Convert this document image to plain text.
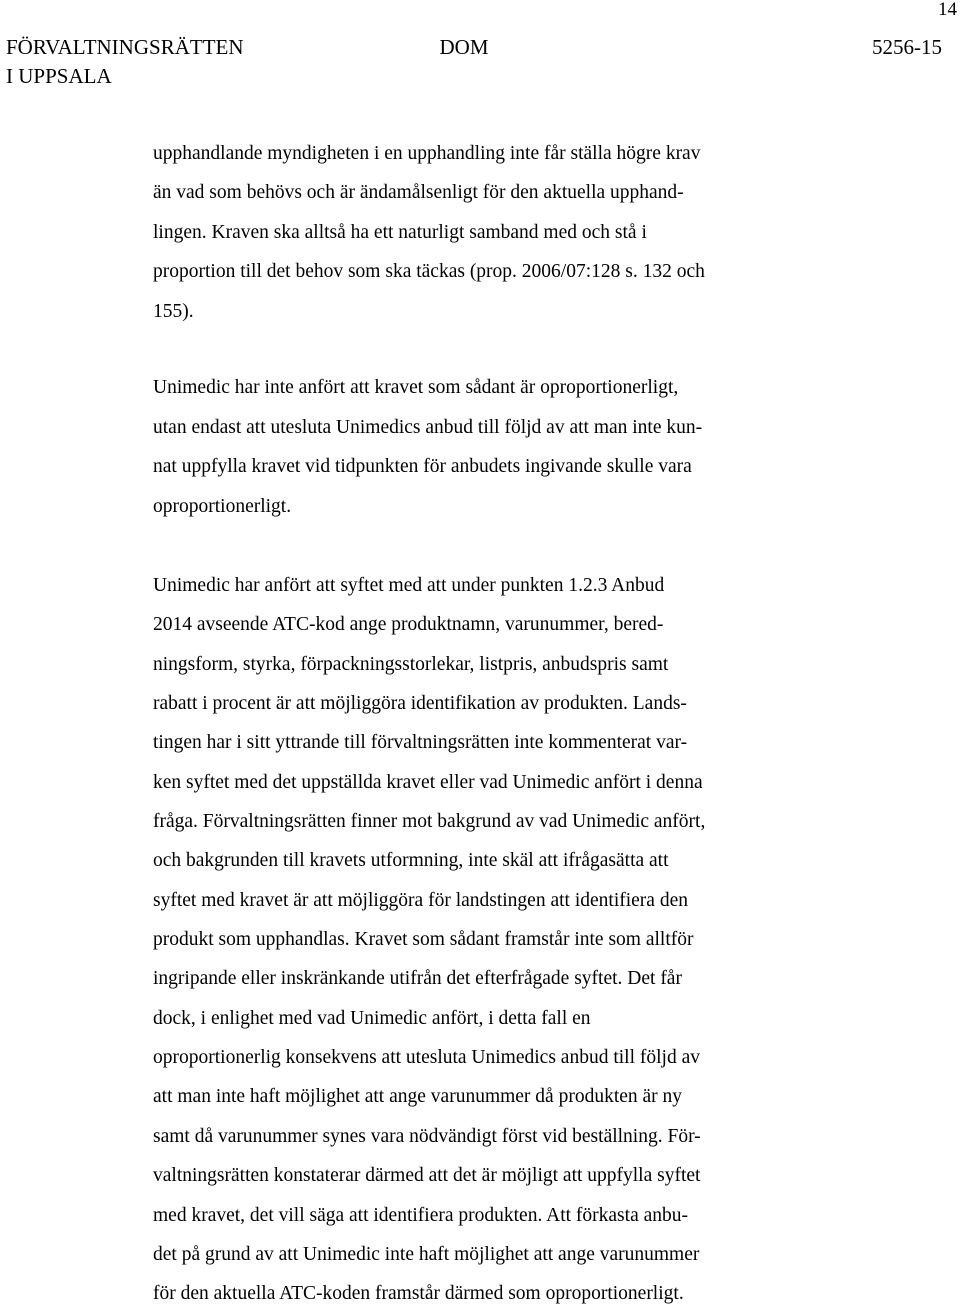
14
FÖRVALTNINGSRÄTTEN
I UPPSALA
DOM	5256-15
upphandlande myndigheten i en upphandling inte får ställa högre krav
än vad som behövs och är ändamålsenligt för den aktuella upphand-
lingen. Kraven ska alltså ha ett naturligt samband med och stå i
proportion till det behov som ska täckas (prop. 2006/07:128 s. 132 och
155).
Unimedic har inte anfört att kravet som sådant är oproportionerligt,
utan endast att utesluta Unimedics anbud till följd av att man inte kun-
nat uppfylla kravet vid tidpunkten för anbudets ingivande skulle vara
oproportionerligt.
Unimedic har anfört att syftet med att under punkten 1.2.3 Anbud
2014 avseende ATC-kod ange produktnamn, varunummer, bered-
ningsform, styrka, förpackningsstorlekar, listpris, anbudspris samt
rabatt i procent är att möjliggöra identifikation av produkten. Lands-
tingen har i sitt yttrande till förvaltningsrätten inte kommenterat var-
ken syftet med det uppställda kravet eller vad Unimedic anfört i denna
fråga. Förvaltningsrätten finner mot bakgrund av vad Unimedic anfört,
och bakgrunden till kravets utformning, inte skäl att ifrågasätta att
syftet med kravet är att möjliggöra för landstingen att identifiera den
produkt som upphandlas. Kravet som sådant framstår inte som alltför
ingripande eller inskränkande utifrån det efterfrågade syftet. Det får
dock, i enlighet med vad Unimedic anfört, i detta fall en
oproportionerlig konsekvens att utesluta Unimedics anbud till följd av
att man inte haft möjlighet att ange varunummer då produkten är ny
samt då varunummer synes vara nödvändigt först vid beställning. För-
valtningsrätten konstaterar därmed att det är möjligt att uppfylla syftet
med kravet, det vill säga att identifiera produkten. Att förkasta anbu-
det på grund av att Unimedic inte haft möjlighet att ange varunummer
för den aktuella ATC-koden framstår därmed som oproportionerligt.
